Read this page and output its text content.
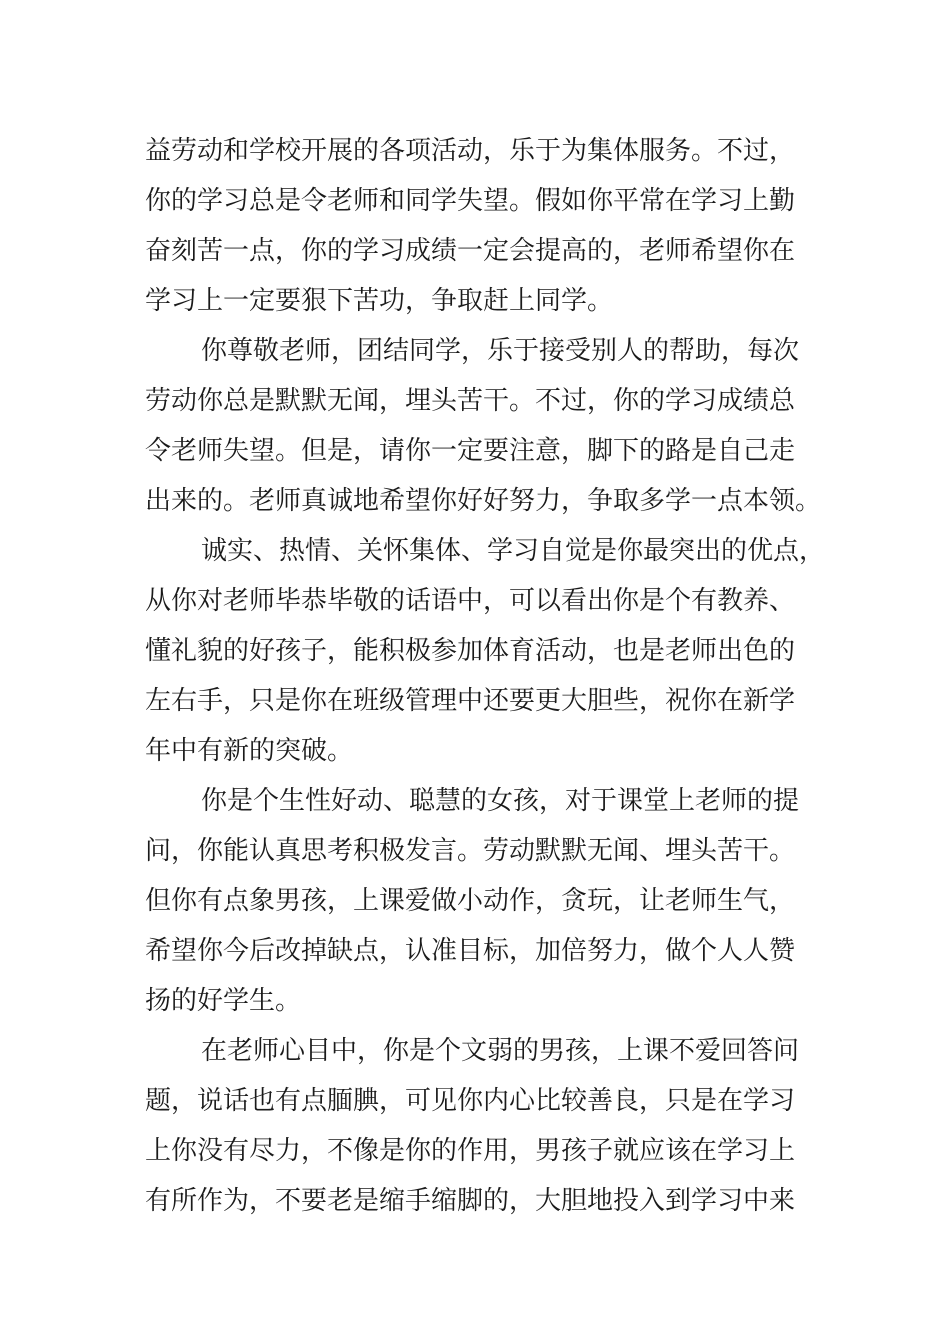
益劳动和学校开展的各项活动，乐于为集体服务。不过，
你的学习总是令老师和同学失望。假如你平常在学习上勤
奋刻苦一点，你的学习成绩一定会提高的，老师希望你在
学习上一定要狠下苦功，争取赶上同学。
你尊敬老师，团结同学，乐于接受别人的帮助，每次
劳动你总是默默无闻，埋头苦干。不过，你的学习成绩总
令老师失望。但是，请你一定要注意，脚下的路是自己走
出来的。老师真诚地希望你好好努力，争取多学一点本领。
诚实、热情、关怀集体、学习自觉是你最突出的优点，
从你对老师毕恭毕敬的话语中，可以看出你是个有教养、
懂礼貌的好孩子，能积极参加体育活动，也是老师出色的
左右手，只是你在班级管理中还要更大胆些，祝你在新学
年中有新的突破。
你是个生性好动、聪慧的女孩，对于课堂上老师的提
问，你能认真思考积极发言。劳动默默无闻、埋头苦干。
但你有点象男孩，上课爱做小动作，贪玩，让老师生气，
希望你今后改掉缺点，认准目标，加倍努力，做个人人赞
扬的好学生。
在老师心目中，你是个文弱的男孩，上课不爱回答问
题，说话也有点腼腆，可见你内心比较善良，只是在学习
上你没有尽力，不像是你的作用，男孩子就应该在学习上
有所作为，不要老是缩手缩脚的，大胆地投入到学习中来
